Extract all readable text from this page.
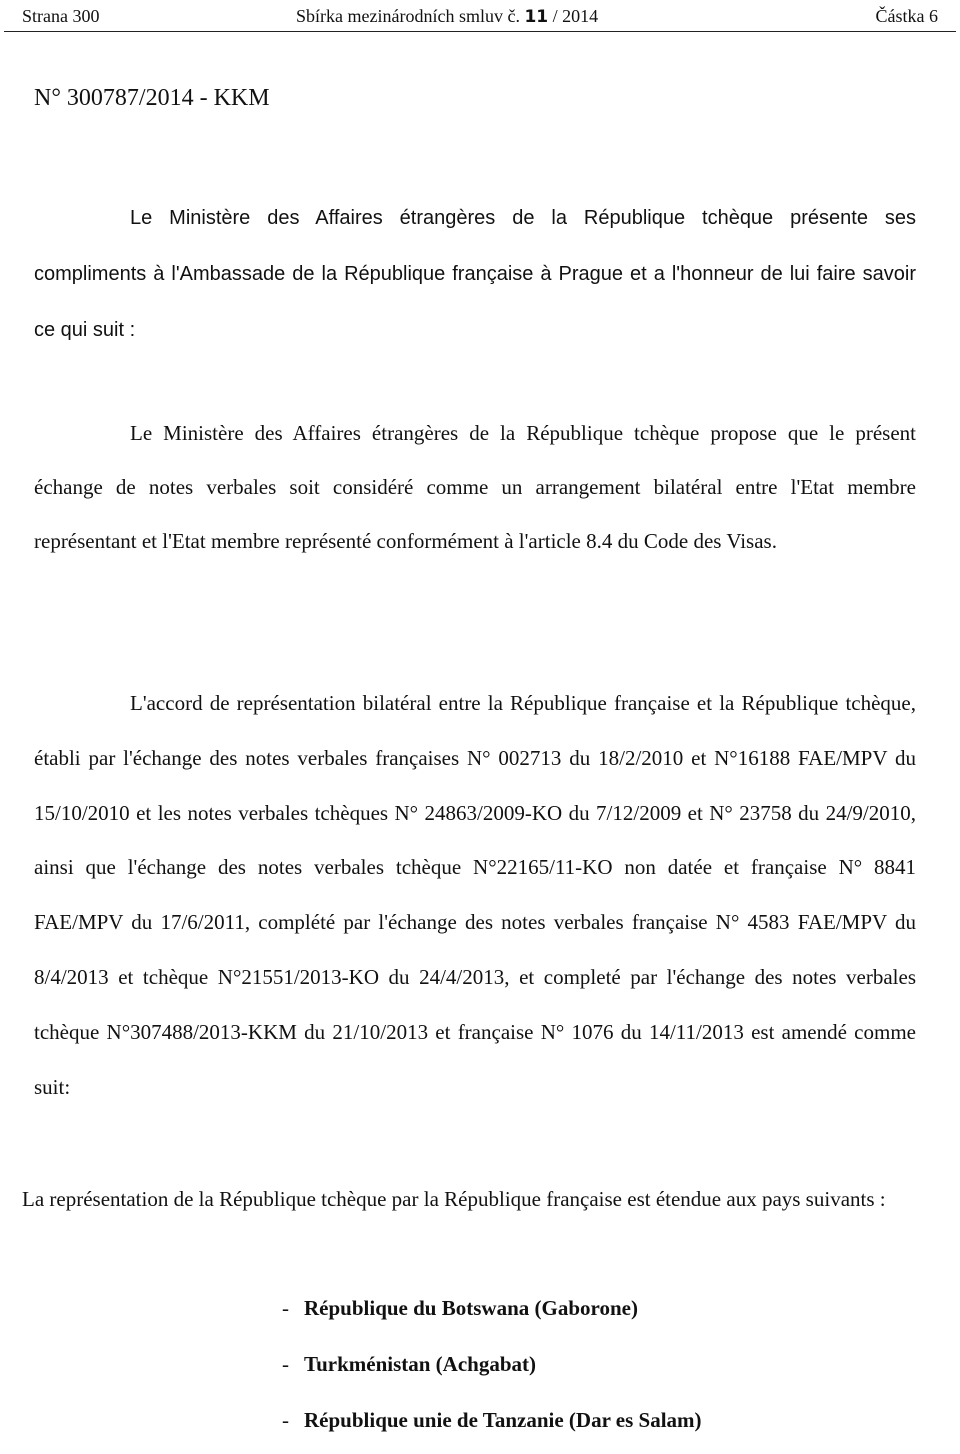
Strana 300	Sbírka mezinárodních smluv č. 11 / 2014	Částka 6
N° 300787/2014 - KKM

Le Ministère des Affaires étrangères de la République tchèque présente ses compliments à l'Ambassade de la République française à Prague et a l'honneur de lui faire savoir ce qui suit :

Le Ministère des Affaires étrangères de la République tchèque propose que le présent échange de notes verbales soit considéré comme un arrangement bilatéral entre l'Etat membre représentant et l'Etat membre représenté conformément à l'article 8.4 du Code des Visas.

L'accord de représentation bilatéral entre la République française et la République tchèque, établi par l'échange des notes verbales françaises N° 002713 du 18/2/2010 et N°16188 FAE/MPV du 15/10/2010 et les notes verbales tchèques N° 24863/2009-KO du 7/12/2009 et N° 23758 du 24/9/2010, ainsi que l'échange des notes verbales tchèque N°22165/11-KO non datée et française N° 8841 FAE/MPV du 17/6/2011, complété par l'échange des notes verbales française N° 4583 FAE/MPV du 8/4/2013 et tchèque N°21551/2013-KO du 24/4/2013, et completé par l'échange des notes verbales tchèque N°307488/2013-KKM du 21/10/2013 et française N° 1076 du 14/11/2013 est amendé comme suit:

La représentation de la République tchèque par la République française est étendue aux pays suivants :

- République du Botswana (Gaborone)
- Turkménistan (Achgabat)
- République unie de Tanzanie (Dar es Salam)
